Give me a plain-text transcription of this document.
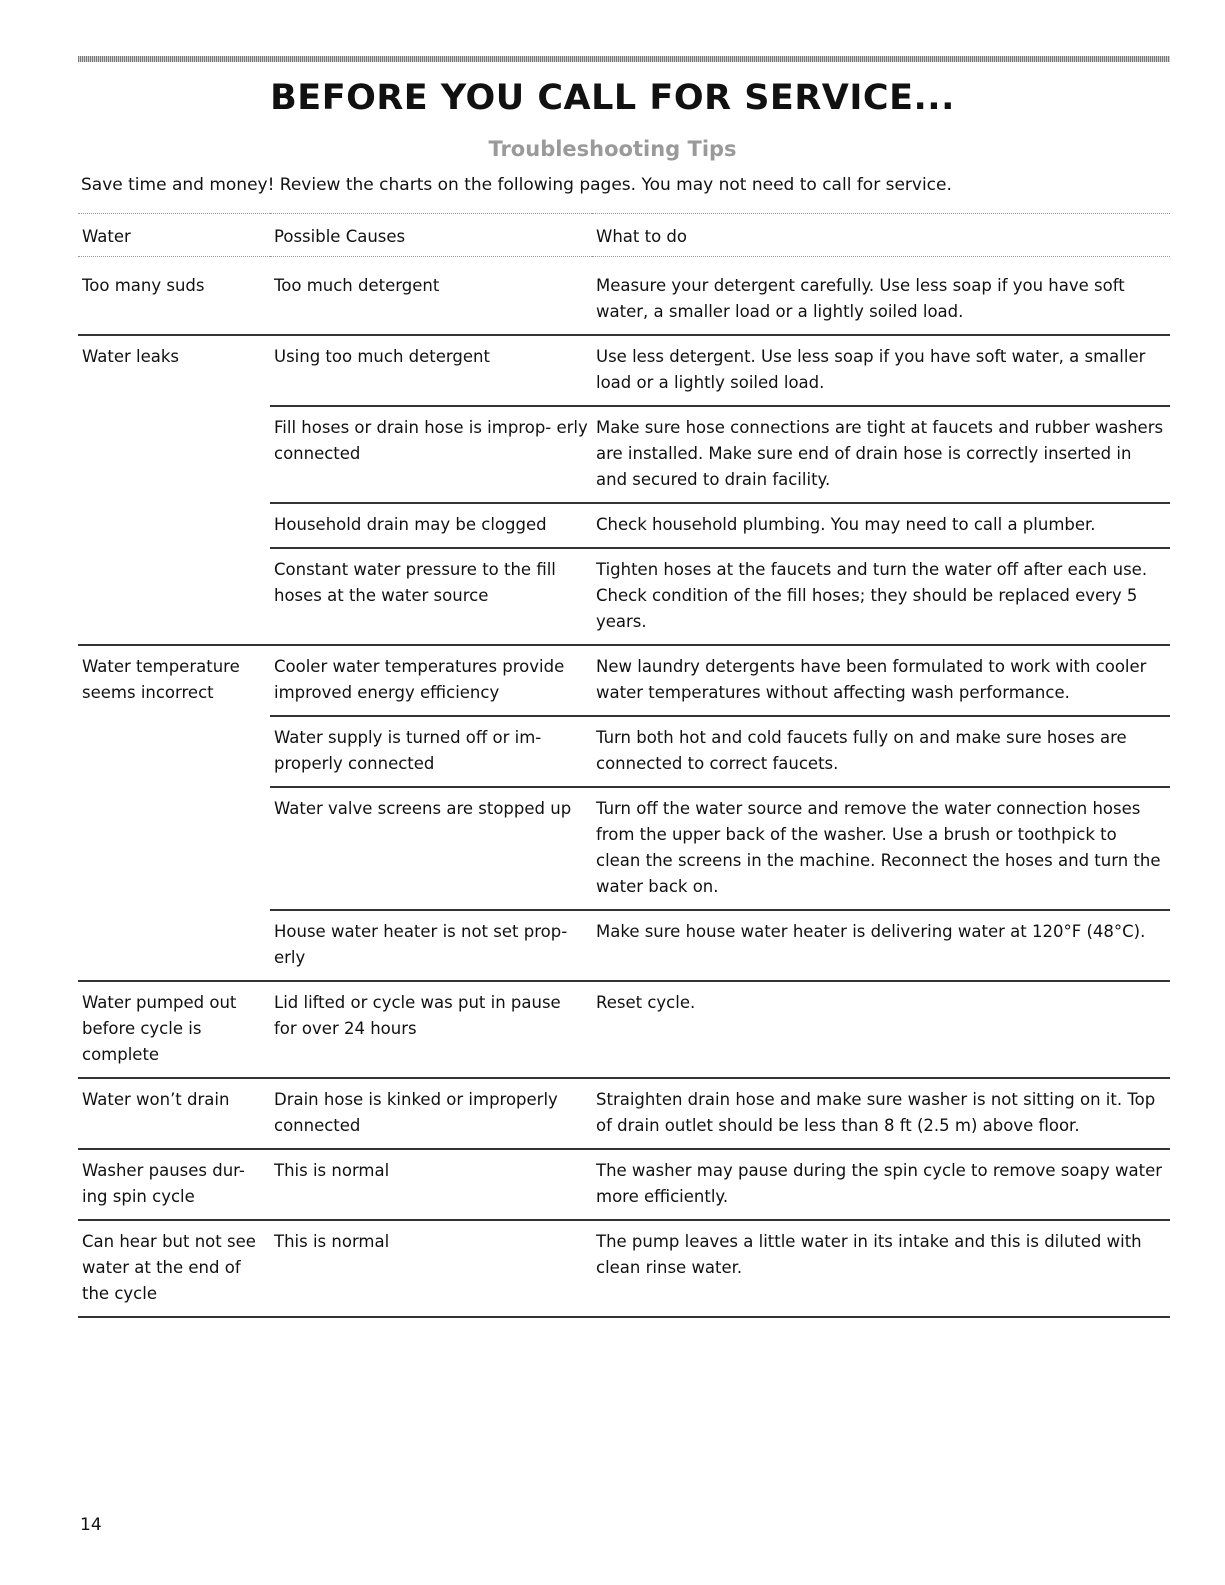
BEFORE YOU CALL FOR SERVICE...
Troubleshooting Tips

Save time and money! Review the charts on the following pages. You may not need to call for service.

Water	Possible Causes	What to do
Too many suds	Too much detergent	Measure your detergent carefully. Use less soap if you have soft water, a smaller load or a lightly soiled load.
Water leaks	Using too much detergent	Use less detergent. Use less soap if you have soft water, a smaller load or a lightly soiled load.
	Fill hoses or drain hose is improp- erly connected	Make sure hose connections are tight at faucets and rubber washers are installed. Make sure end of drain hose is correctly inserted in and secured to drain facility.
	Household drain may be clogged	Check household plumbing. You may need to call a plumber.
	Constant water pressure to the fill hoses at the water source	Tighten hoses at the faucets and turn the water off after each use. Check condition of the fill hoses; they should be replaced every 5 years.
Water temperature seems incorrect	Cooler water temperatures provide improved energy efficiency	New laundry detergents have been formulated to work with cooler water temperatures without affecting wash performance.
	Water supply is turned off or im- properly connected	Turn both hot and cold faucets fully on and make sure hoses are connected to correct faucets.
	Water valve screens are stopped up	Turn off the water source and remove the water connection hoses from the upper back of the washer. Use a brush or toothpick to clean the screens in the machine. Reconnect the hoses and turn the water back on.
	House water heater is not set prop- erly	Make sure house water heater is delivering water at 120°F (48°C).
Water pumped out before cycle is complete	Lid lifted or cycle was put in pause for over 24 hours	Reset cycle.
Water won’t drain	Drain hose is kinked or improperly connected	Straighten drain hose and make sure washer is not sitting on it. Top of drain outlet should be less than 8 ft (2.5 m) above floor.
Washer pauses dur- ing spin cycle	This is normal	The washer may pause during the spin cycle to remove soapy water more efficiently.
Can hear but not see water at the end of the cycle	This is normal	The pump leaves a little water in its intake and this is diluted with clean rinse water.

14
